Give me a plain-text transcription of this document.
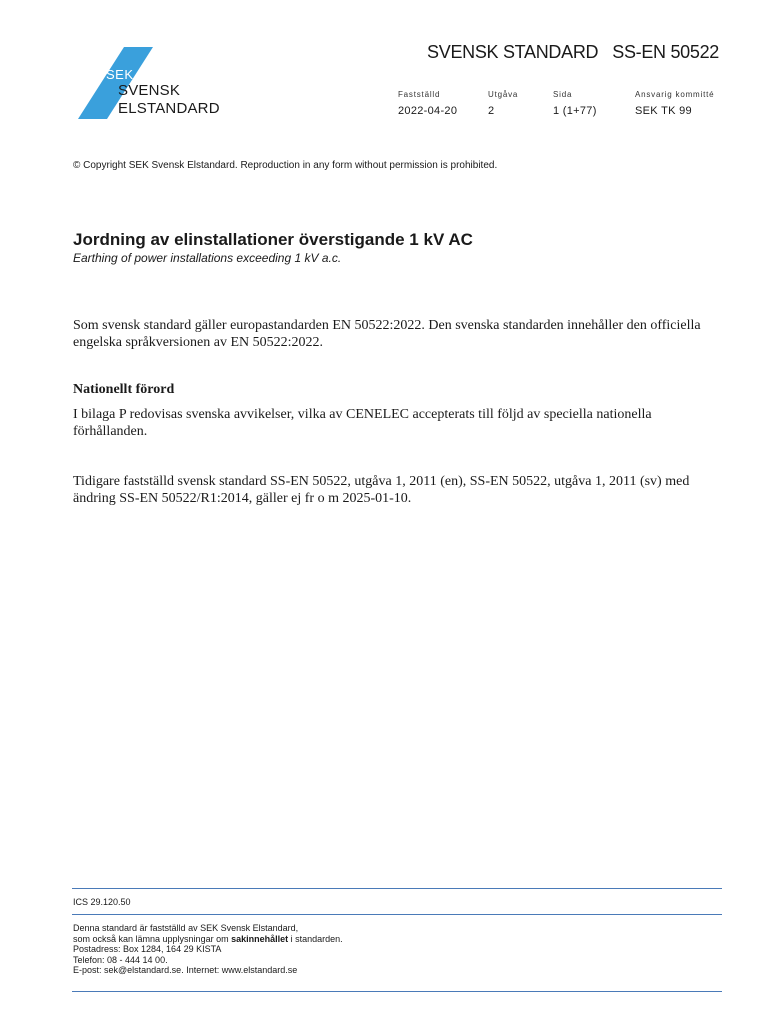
SEK
SVENSK
ELSTANDARD
SVENSK STANDARD SS-EN 50522
Fastställd	Utgåva	Sida	Ansvarig kommitté
2022-04-20	2	1 (1+77)	SEK TK 99
© Copyright SEK Svensk Elstandard. Reproduction in any form without permission is prohibited.
Jordning av elinstallationer överstigande 1 kV AC
Earthing of power installations exceeding 1 kV a.c.
Som svensk standard gäller europastandarden EN 50522:2022. Den svenska standarden innehåller den officiella engelska språkversionen av EN 50522:2022.
Nationellt förord
I bilaga P redovisas svenska avvikelser, vilka av CENELEC accepterats till följd av speciella nationella förhållanden.
Tidigare fastställd svensk standard SS-EN 50522, utgåva 1, 2011 (en), SS-EN 50522, utgåva 1, 2011 (sv) med ändring SS-EN 50522/R1:2014, gäller ej fr o m 2025-01-10.
ICS 29.120.50
Denna standard är fastställd av SEK Svensk Elstandard,
som också kan lämna upplysningar om sakinnehållet i standarden.
Postadress: Box 1284, 164 29 KISTA
Telefon: 08 - 444 14 00.
E-post: sek@elstandard.se. Internet: www.elstandard.se
